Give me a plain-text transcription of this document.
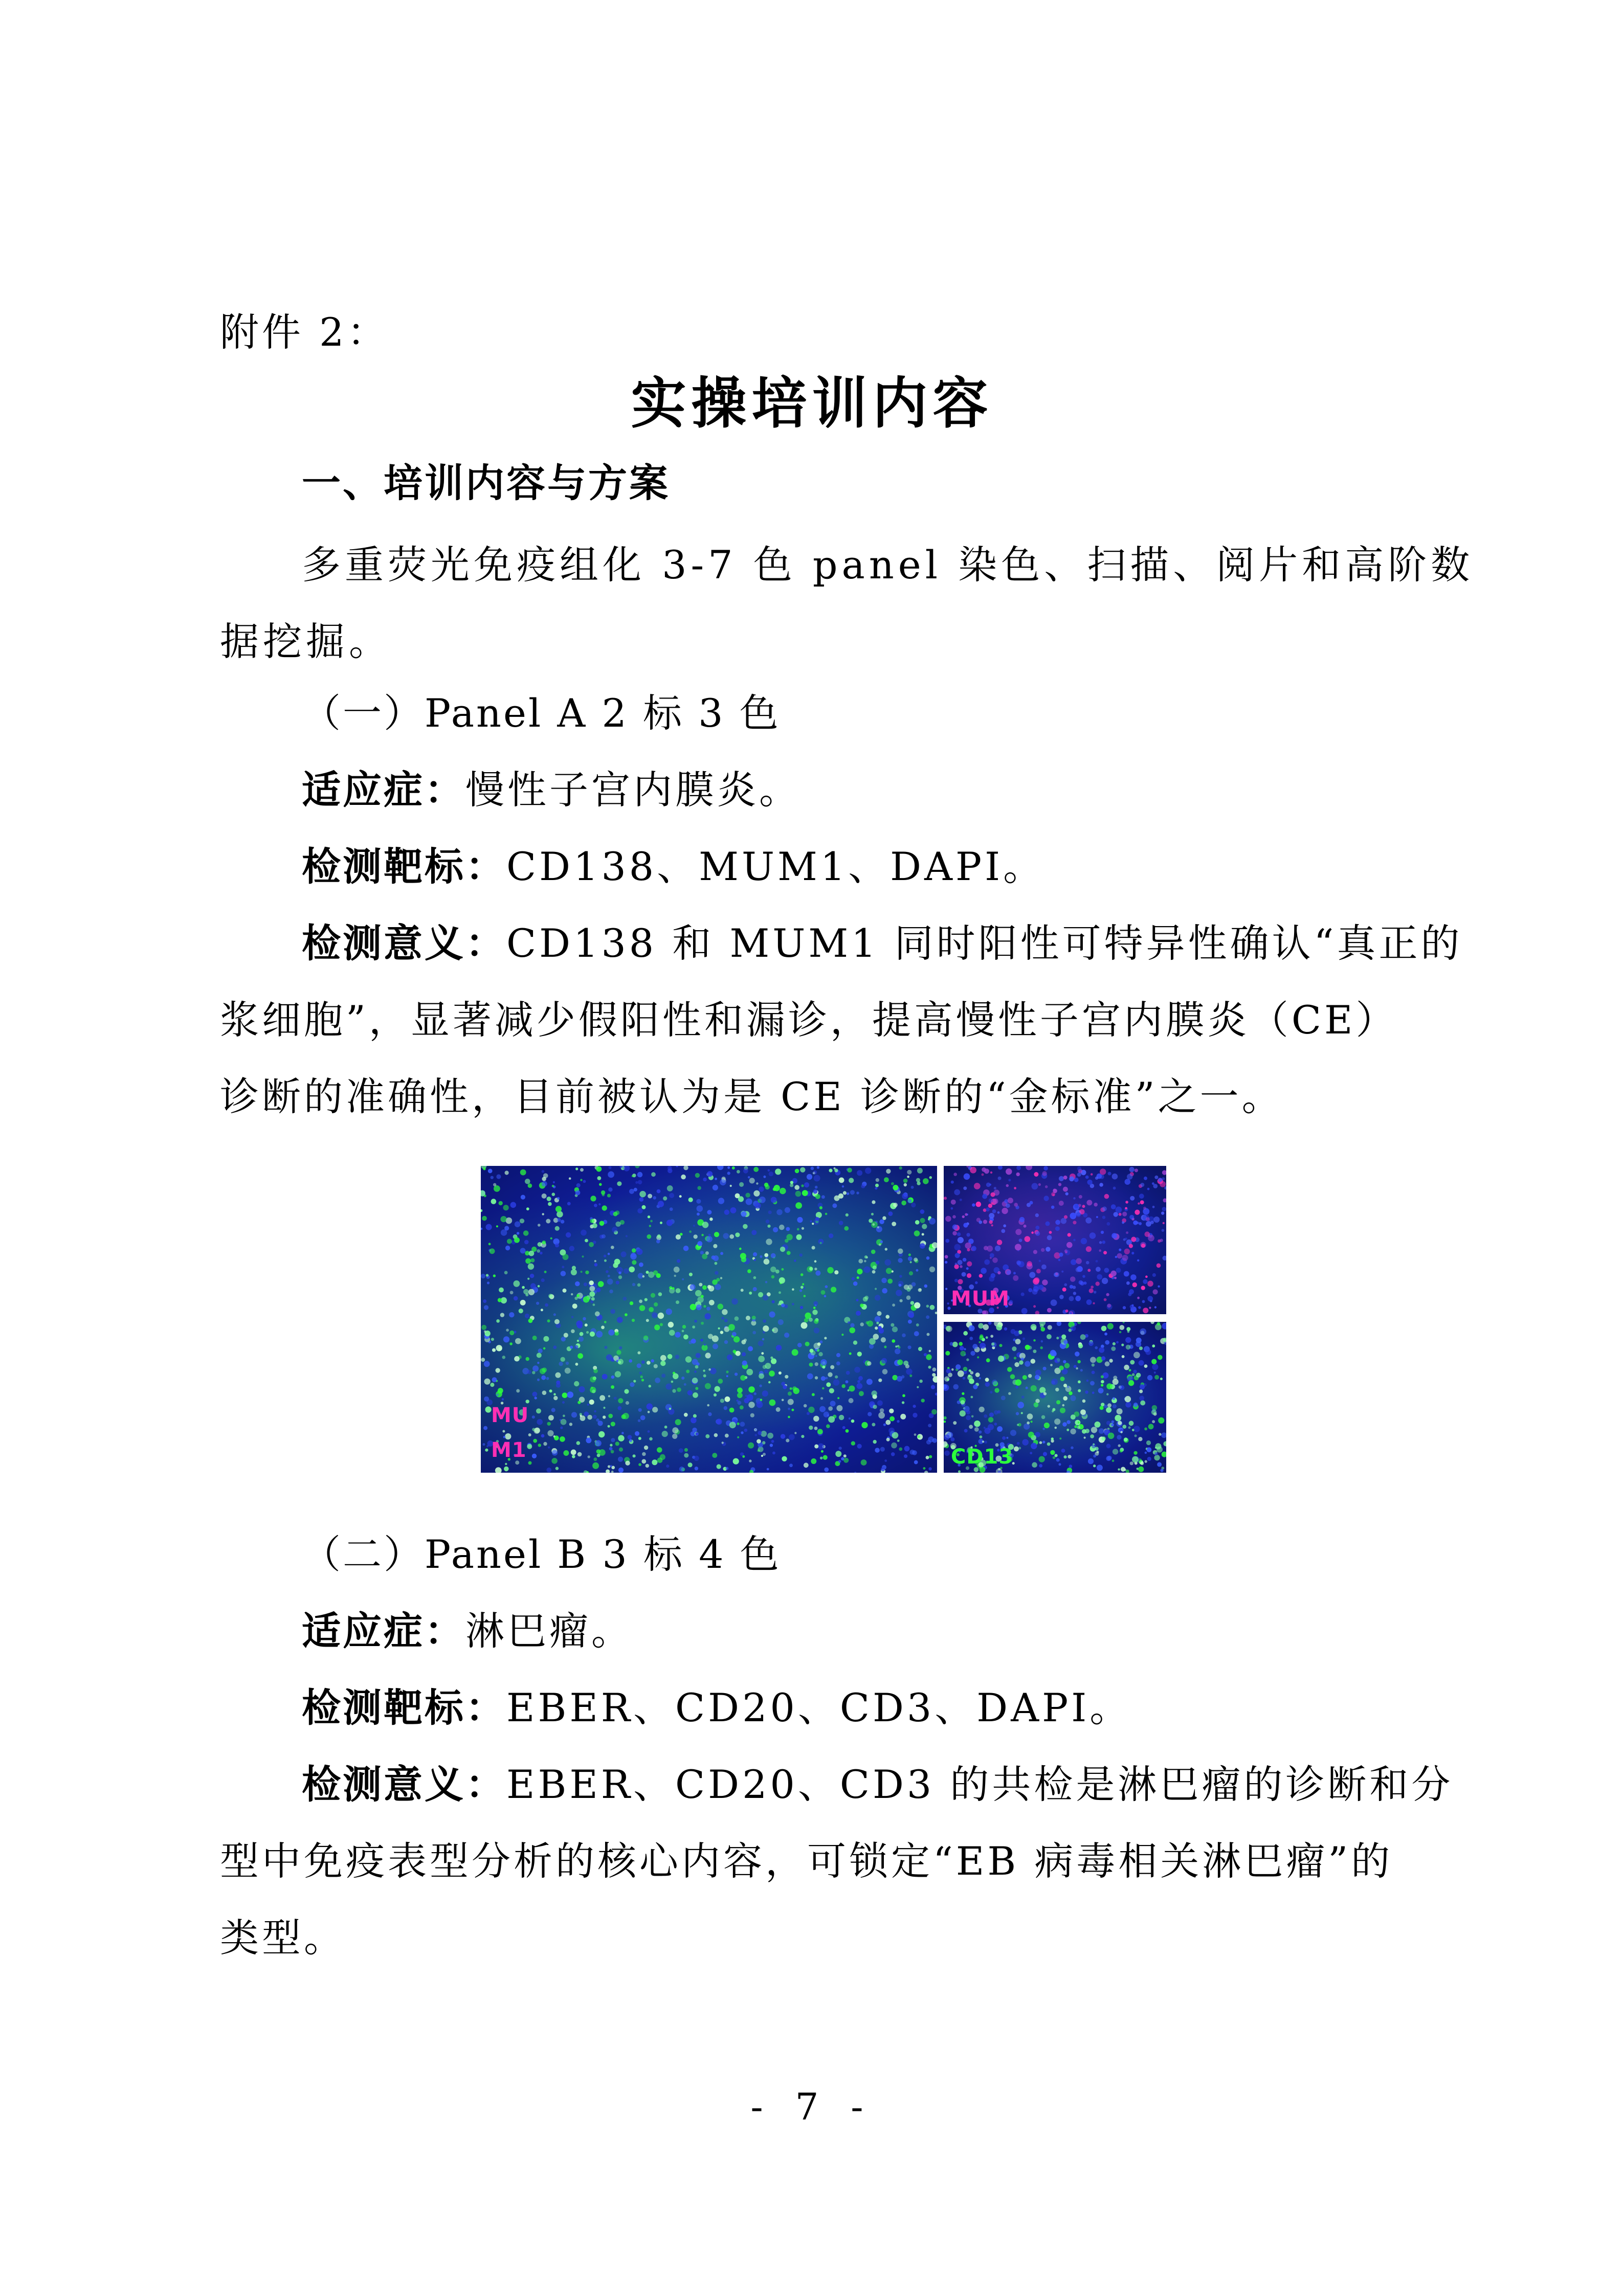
附件 2：
实操培训内容
一、培训内容与方案
多重荧光免疫组化 3-7 色 panel 染色、扫描、阅片和高阶数
据挖掘。
（一）Panel A 2 标 3 色
适应症：慢性子宫内膜炎。
检测靶标：CD138、MUM1、DAPI。
检测意义：CD138 和 MUM1 同时阳性可特异性确认“真正的
浆细胞”，显著减少假阳性和漏诊，提高慢性子宫内膜炎（CE）
诊断的准确性，目前被认为是 CE 诊断的“金标准”之一。
MU
M1
MUM
CD13
（二）Panel B 3 标 4 色
适应症：淋巴瘤。
检测靶标：EBER、CD20、CD3、DAPI。
检测意义：EBER、CD20、CD3 的共检是淋巴瘤的诊断和分
型中免疫表型分析的核心内容，可锁定“EB 病毒相关淋巴瘤”的
类型。
- 7 -
